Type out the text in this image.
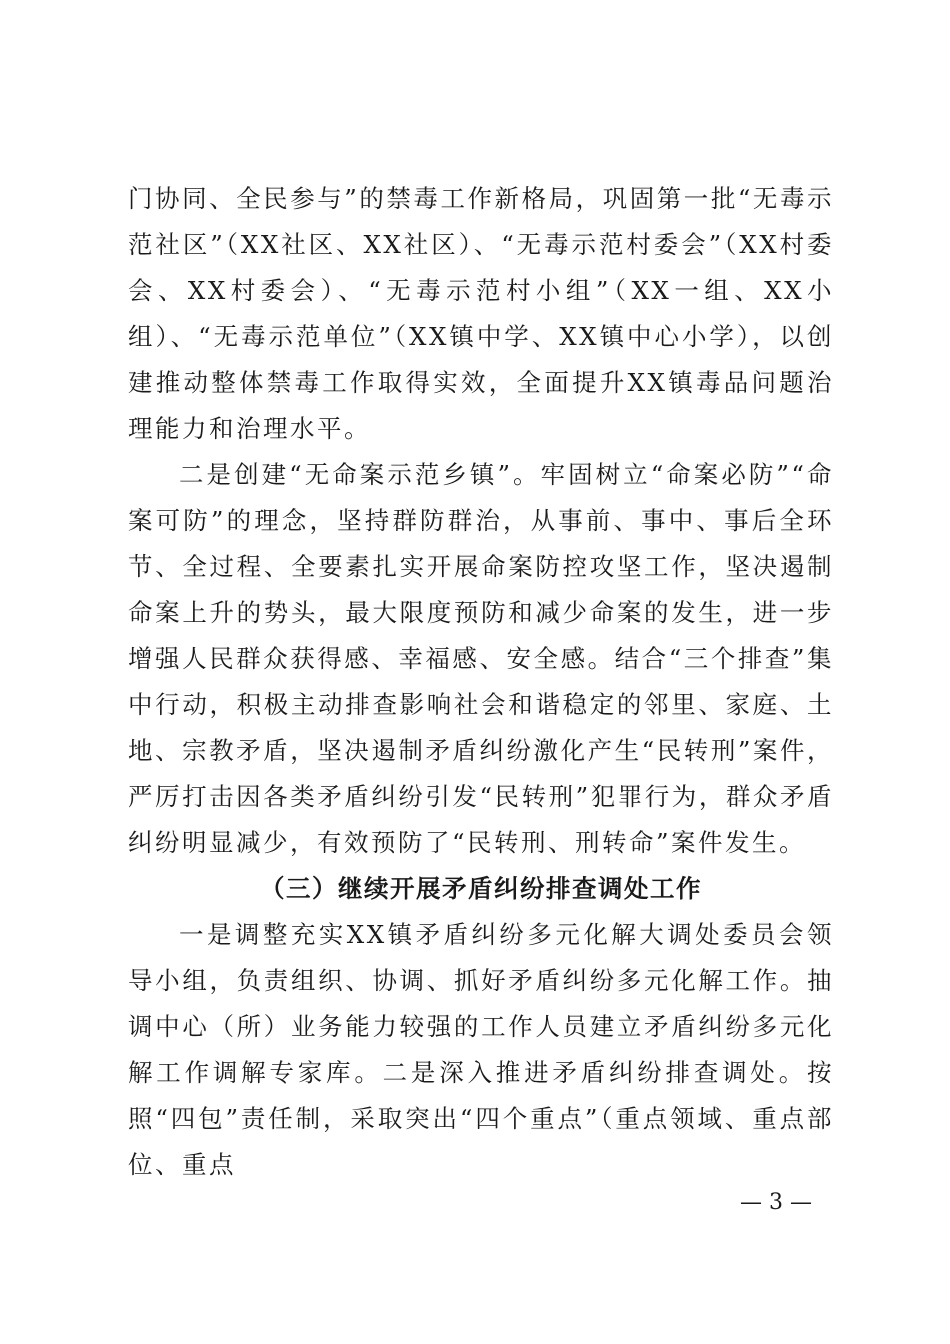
门协同、全民参与”的禁毒工作新格局，巩固第一批“无毒示范社区”（XX社区、XX社区）、“无毒示范村委会”（XX村委会、XX村委会）、“无毒示范村小组”（XX一组、XX小组）、“无毒示范单位”（XX镇中学、XX镇中心小学），以创建推动整体禁毒工作取得实效，全面提升XX镇毒品问题治理能力和治理水平。

二是创建“无命案示范乡镇”。牢固树立“命案必防”“命案可防”的理念，坚持群防群治，从事前、事中、事后全环节、全过程、全要素扎实开展命案防控攻坚工作，坚决遏制命案上升的势头，最大限度预防和减少命案的发生，进一步增强人民群众获得感、幸福感、安全感。结合“三个排查”集中行动，积极主动排查影响社会和谐稳定的邻里、家庭、土地、宗教矛盾，坚决遏制矛盾纠纷激化产生“民转刑”案件，严厉打击因各类矛盾纠纷引发“民转刑”犯罪行为，群众矛盾纠纷明显减少，有效预防了“民转刑、刑转命”案件发生。

（三）继续开展矛盾纠纷排查调处工作

一是调整充实XX镇矛盾纠纷多元化解大调处委员会领导小组，负责组织、协调、抓好矛盾纠纷多元化解工作。抽调中心（所）业务能力较强的工作人员建立矛盾纠纷多元化解工作调解专家库。二是深入推进矛盾纠纷排查调处。按照“四包”责任制，采取突出“四个重点”（重点领域、重点部位、重点

— 3 —
